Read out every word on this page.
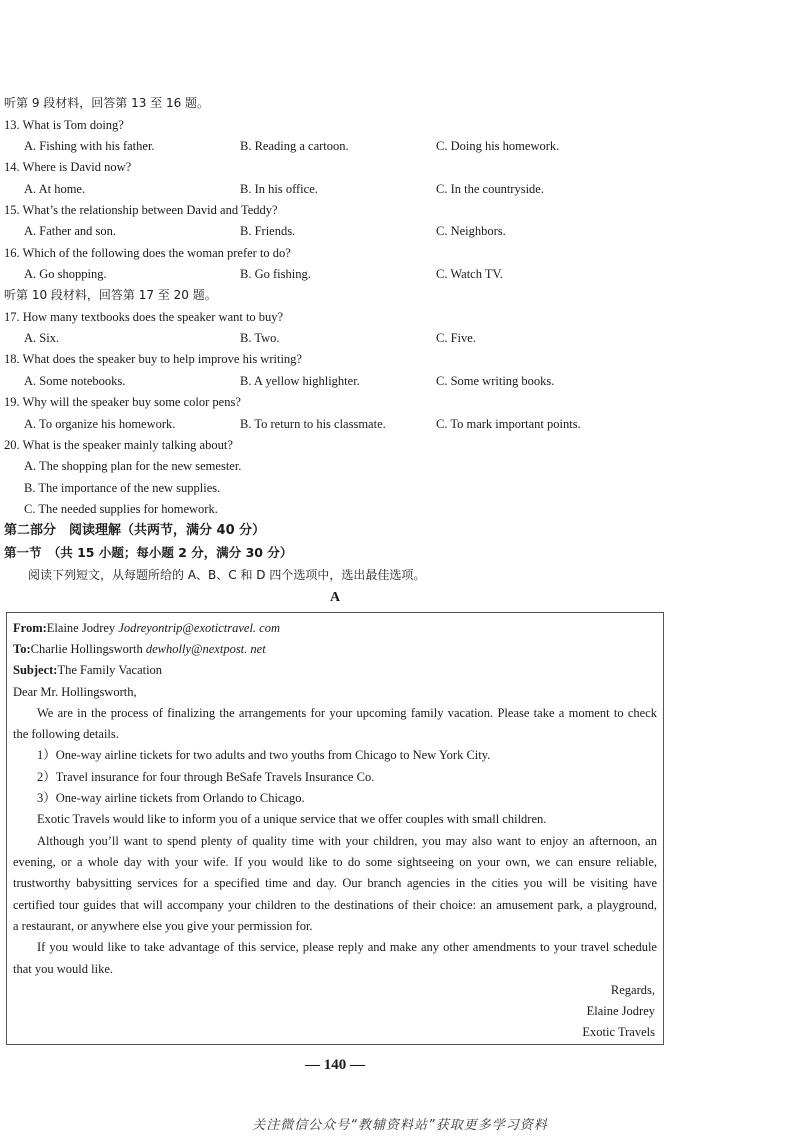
听第 9 段材料，回答第 13 至 16 题。
13. What is Tom doing?
A. Fishing with his father.	B. Reading a cartoon.	C. Doing his homework.
14. Where is David now?
A. At home.	B. In his office.	C. In the countryside.
15. What’s the relationship between David and Teddy?
A. Father and son.	B. Friends.	C. Neighbors.
16. Which of the following does the woman prefer to do?
A. Go shopping.	B. Go fishing.	C. Watch TV.
听第 10 段材料，回答第 17 至 20 题。
17. How many textbooks does the speaker want to buy?
A. Six.	B. Two.	C. Five.
18. What does the speaker buy to help improve his writing?
A. Some notebooks.	B. A yellow highlighter.	C. Some writing books.
19. Why will the speaker buy some color pens?
A. To organize his homework.	B. To return to his classmate.	C. To mark important points.
20. What is the speaker mainly talking about?
A. The shopping plan for the new semester.
B. The importance of the new supplies.
C. The needed supplies for homework.
第二部分　阅读理解（共两节，满分 40 分）
第一节　（共 15 小题；每小题 2 分，满分 30 分）
阅读下列短文，从每题所给的 A、B、C 和 D 四个选项中，选出最佳选项。
A
From:Elaine Jodrey Jodreyontrip@exotictravel. com
To:Charlie Hollingsworth dewholly@nextpost. net
Subject:The Family Vacation
Dear Mr. Hollingsworth,
We are in the process of finalizing the arrangements for your upcoming family vacation. Please take a moment to check
the following details.
1）One-way airline tickets for two adults and two youths from Chicago to New York City.
2）Travel insurance for four through BeSafe Travels Insurance Co.
3）One-way airline tickets from Orlando to Chicago.
Exotic Travels would like to inform you of a unique service that we offer couples with small children.
Although you’ll want to spend plenty of quality time with your children, you may also want to enjoy an afternoon, an
evening, or a whole day with your wife. If you would like to do some sightseeing on your own, we can ensure reliable,
trustworthy babysitting services for a specified time and day. Our branch agencies in the cities you will be visiting have
certified tour guides that will accompany your children to the destinations of their choice: an amusement park, a playground,
a restaurant, or anywhere else you give your permission for.
If you would like to take advantage of this service, please reply and make any other amendments to your travel schedule
that you would like.
Regards,
Elaine Jodrey
Exotic Travels
— 140 —
关注微信公众号“教辅资料站”获取更多学习资料
